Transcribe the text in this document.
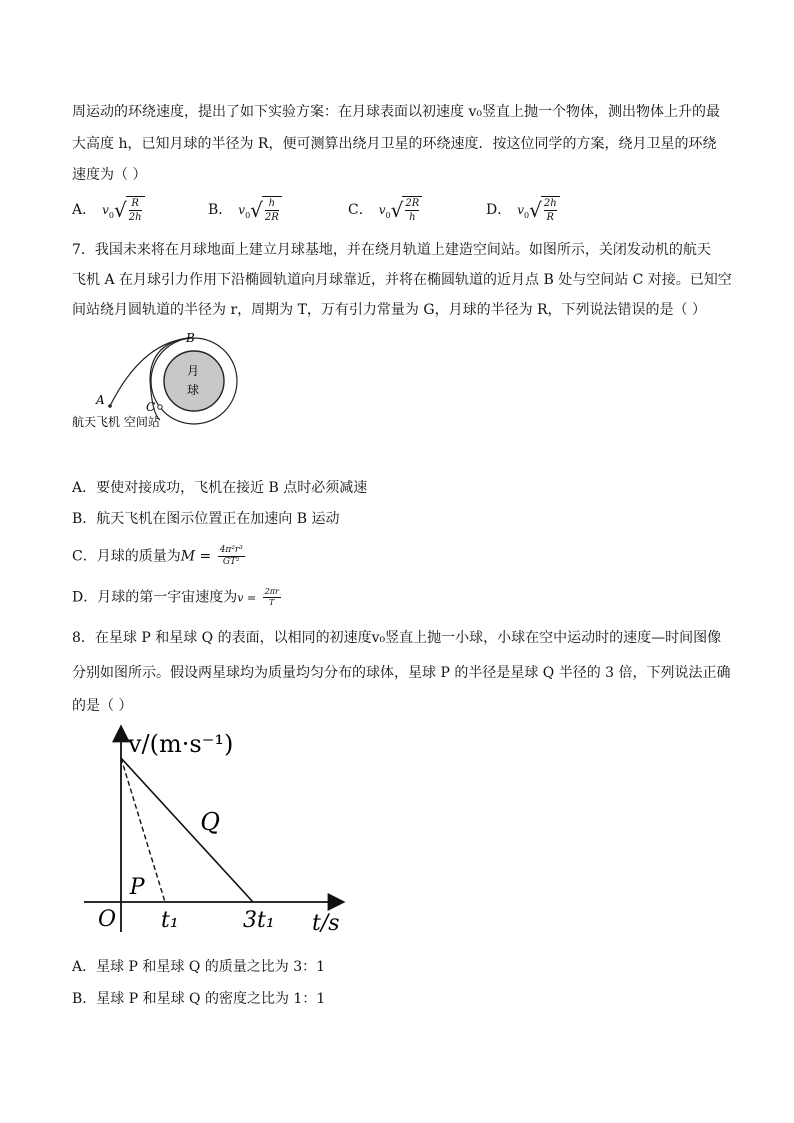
周运动的环绕速度，提出了如下实验方案：在月球表面以初速度 v₀竖直上抛一个物体，测出物体上升的最
大高度 h，已知月球的半径为 R，便可测算出绕月卫星的环绕速度．按这位同学的方案，绕月卫星的环绕
速度为（ ）
A． $v_0√ \frac{R}{2h}$	B． $v_0√ \frac{h}{2R}$	C． $v_0√ \frac{2R}{h}$	D． $v_0√ \frac{2h}{R}$
7．我国未来将在月球地面上建立月球基地，并在绕月轨道上建造空间站。如图所示，关闭发动机的航天
飞机 A 在月球引力作用下沿椭圆轨道向月球靠近，并将在椭圆轨道的近月点 B 处与空间站 C 对接。已知空
间站绕月圆轨道的半径为 r，周期为 T，万有引力常量为 G，月球的半径为 R，下列说法错误的是（ ）
B
A	C
月
球
航天飞机 空间站
A．要使对接成功，飞机在接近 B 点时必须减速
B．航天飞机在图示位置正在加速向 B 运动
C．月球的质量为$M = \frac{\text{4π²r³}}{\text{GT²}}$
D．月球的第一宇宙速度为$v = \frac{2\pi r}{T}$
8．在星球 P 和星球 Q 的表面，以相同的初速度v₀竖直上抛一小球，小球在空中运动时的速度—时间图像
分别如图所示。假设两星球均为质量均匀分布的球体，星球 P 的半径是星球 Q 半径的 3 倍，下列说法正确
的是（ ）
v/(m·s⁻¹)
t/s
O t₁	3t₁
P
Q
A．星球 P 和星球 Q 的质量之比为 3：1
B．星球 P 和星球 Q 的密度之比为 1：1
